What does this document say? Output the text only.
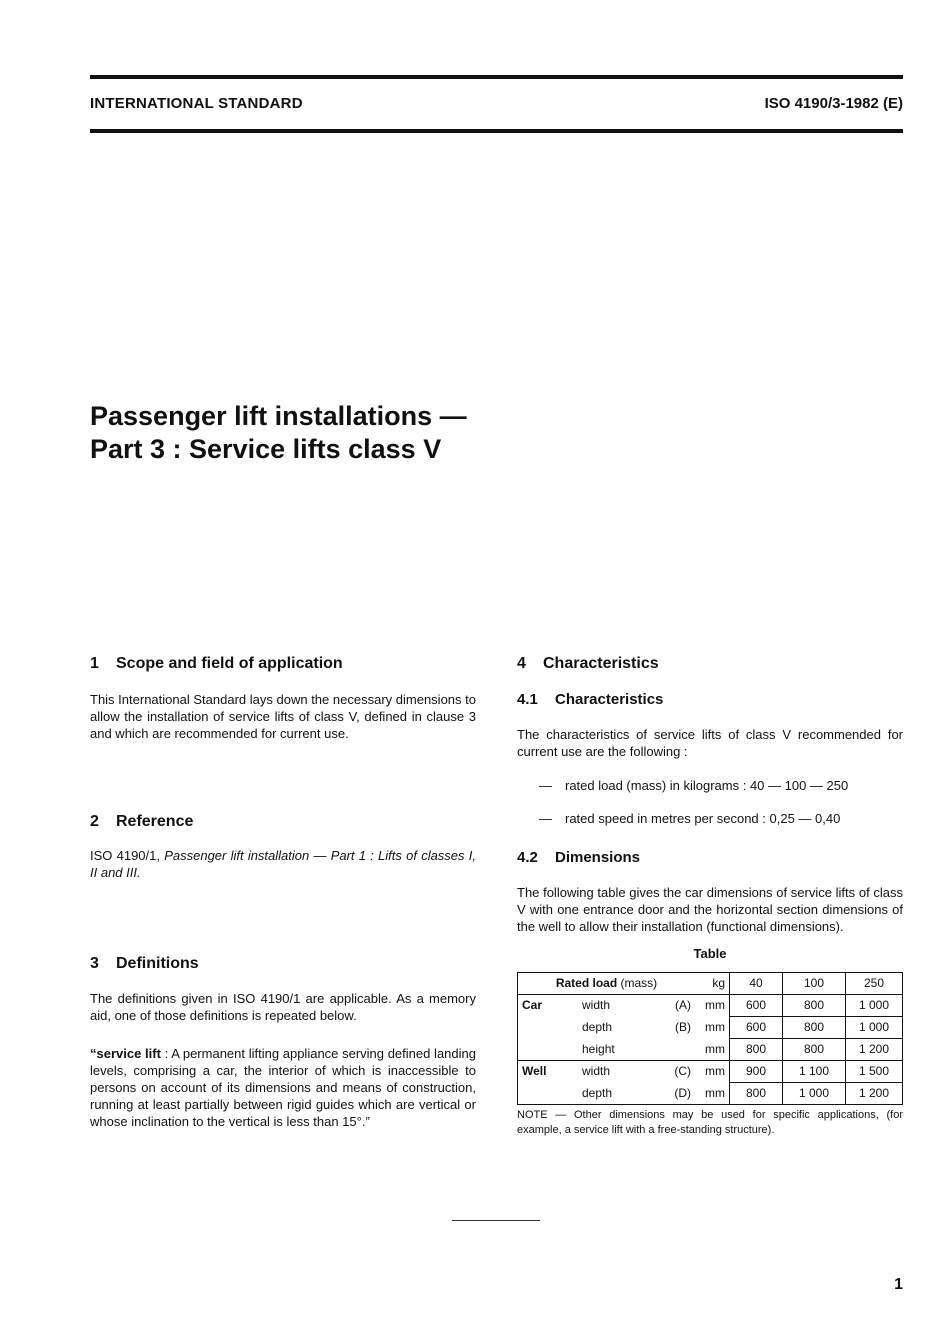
INTERNATIONAL STANDARD	ISO 4190/3-1982 (E)
Passenger lift installations —
Part 3 : Service lifts class V
1 Scope and field of application

This International Standard lays down the necessary dimensions to allow the installation of service lifts of class V, defined in clause 3 and which are recommended for current use.

2 Reference

ISO 4190/1, Passenger lift installation — Part 1 : Lifts of classes I, II and III.

3 Definitions

The definitions given in ISO 4190/1 are applicable. As a memory aid, one of those definitions is repeated below.

“service lift : A permanent lifting appliance serving defined landing levels, comprising a car, the interior of which is inaccessible to persons on account of its dimensions and means of construction, running at least partially between rigid guides which are vertical or whose inclination to the vertical is less than 15°.”

4 Characteristics
4.1 Characteristics

The characteristics of service lifts of class V recommended for current use are the following :

— rated load (mass) in kilograms : 40 — 100 — 250
— rated speed in metres per second : 0,25 — 0,40
4.2 Dimensions

The following table gives the car dimensions of service lifts of class V with one entrance door and the horizontal section dimensions of the well to allow their installation (functional dimensions).

Table
Rated load (mass)			kg	40	100	250
Car	width	(A)	mm	600	800	1 000
	depth	(B)	mm	600	800	1 000
	height		mm	800	800	1 200
Well	width	(C)	mm	900	1 100	1 500
	depth	(D)	mm	800	1 000	1 200

NOTE — Other dimensions may be used for specific applications, (for example, a service lift with a free-standing structure).

1
